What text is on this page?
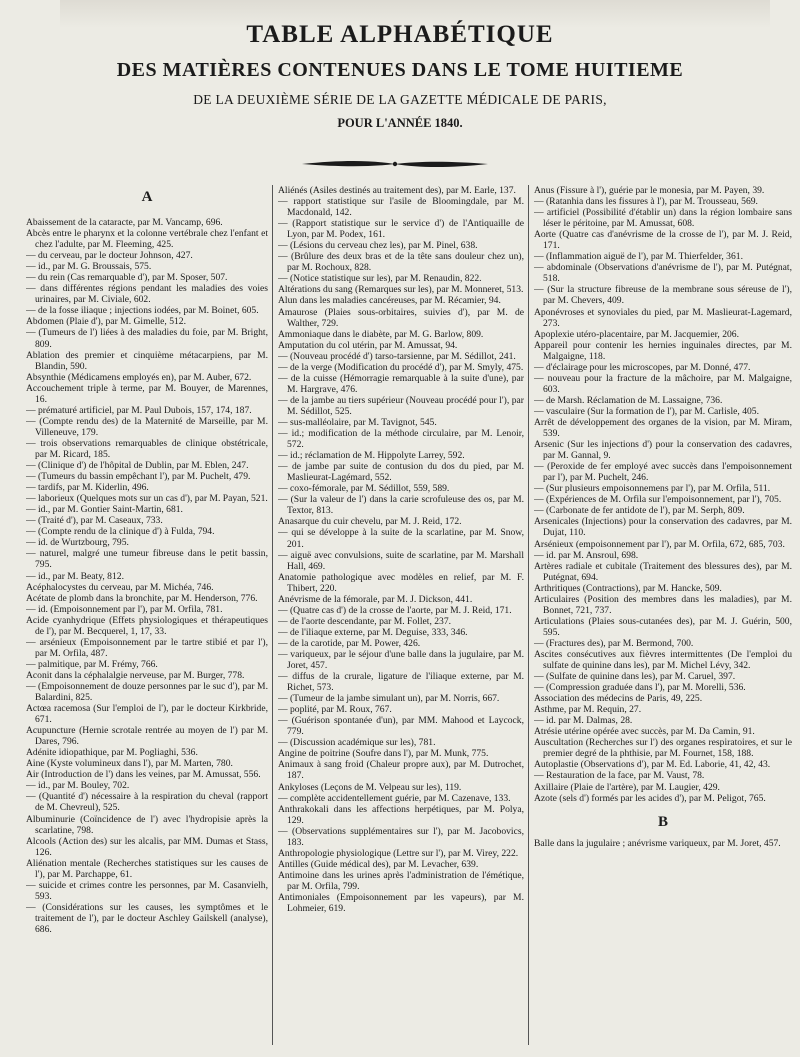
TABLE ALPHABÉTIQUE
DES MATIÈRES CONTENUES DANS LE TOME HUITIEME
DE LA DEUXIÈME SÉRIE DE LA GAZETTE MÉDICALE DE PARIS,
POUR L'ANNÉE 1840.
A

Abaissement de la cataracte, par M. Vancamp, 696.

Abcès entre le pharynx et la colonne vertébrale chez l'enfant et chez l'adulte, par M. Fleeming, 425.

— du cerveau, par le docteur Johnson, 427.

— id., par M. G. Broussais, 575.

— du rein (Cas remarquable d'), par M. Sposer, 507.

— dans différentes régions pendant les maladies des voies urinaires, par M. Civiale, 602.

— de la fosse iliaque ; injections iodées, par M. Boinet, 605.

Abdomen (Plaie d'), par M. Gimelle, 512.

— (Tumeurs de l') liées à des maladies du foie, par M. Bright, 809.

Ablation des premier et cinquième métacarpiens, par M. Blandin, 590.

Absynthie (Médicamens employés en), par M. Auber, 672.

Accouchement triple à terme, par M. Bouyer, de Marennes, 16.

— prématuré artificiel, par M. Paul Dubois, 157, 174, 187.

— (Compte rendu des) de la Maternité de Marseille, par M. Villeneuve, 179.

— trois observations remarquables de clinique obstétricale, par M. Ricard, 185.

— (Clinique d') de l'hôpital de Dublin, par M. Eblen, 247.

— (Tumeurs du bassin empêchant l'), par M. Puchelt, 479.

— tardifs, par M. Kiderlin, 496.

— laborieux (Quelques mots sur un cas d'), par M. Payan, 521.

— id., par M. Gontier Saint-Martin, 681.

— (Traité d'), par M. Caseaux, 733.

— (Compte rendu de la clinique d') à Fulda, 794.

— id. de Wurtzbourg, 795.

— naturel, malgré une tumeur fibreuse dans le petit bassin, 795.

— id., par M. Beaty, 812.

Acéphalocystes du cerveau, par M. Michéa, 746.

Acétate de plomb dans la bronchite, par M. Henderson, 776.

— id. (Empoisonnement par l'), par M. Orfila, 781.

Acide cyanhydrique (Effets physiologiques et thérapeutiques de l'), par M. Becquerel, 1, 17, 33.

— arsénieux (Empoisonnement par le tartre stibié et par l'), par M. Orfila, 487.

— palmitique, par M. Frémy, 766.

Aconit dans la céphalalgie nerveuse, par M. Burger, 778.

— (Empoisonnement de douze personnes par le suc d'), par M. Balardini, 825.

Actœa racemosa (Sur l'emploi de l'), par le docteur Kirkbride, 671.

Acupuncture (Hernie scrotale rentrée au moyen de l') par M. Dares, 796.

Adénite idiopathique, par M. Pogliaghi, 536.

Aine (Kyste volumineux dans l'), par M. Marten, 780.

Air (Introduction de l') dans les veines, par M. Amussat, 556.

— id., par M. Bouley, 702.

— (Quantité d') nécessaire à la respiration du cheval (rapport de M. Chevreul), 525.

Albuminurie (Coïncidence de l') avec l'hydropisie après la scarlatine, 798.

Alcools (Action des) sur les alcalis, par MM. Dumas et Stass, 126.

Aliénation mentale (Recherches statistiques sur les causes de l'), par M. Parchappe, 61.

— suicide et crimes contre les personnes, par M. Casanvielh, 593.

— (Considérations sur les causes, les symptômes et le traitement de l'), par le docteur Aschley Gailskell (analyse), 686.

Aliénés (Asiles destinés au traitement des), par M. Earle, 137.

— rapport statistique sur l'asile de Bloomingdale, par M. Macdonald, 142.

— (Rapport statistique sur le service d') de l'Antiquaille de Lyon, par M. Podex, 161.

— (Lésions du cerveau chez les), par M. Pinel, 638.

— (Brûlure des deux bras et de la tête sans douleur chez un), par M. Rochoux, 828.

— (Notice statistique sur les), par M. Renaudin, 822.

Altérations du sang (Remarques sur les), par M. Monneret, 513.

Alun dans les maladies cancéreuses, par M. Récamier, 94.

Amaurose (Plaies sous-orbitaires, suivies d'), par M. de Walther, 729.

Ammoniaque dans le diabète, par M. G. Barlow, 809.

Amputation du col utérin, par M. Amussat, 94.

— (Nouveau procédé d') tarso-tarsienne, par M. Sédillot, 241.

— de la verge (Modification du procédé d'), par M. Smyly, 475.

— de la cuisse (Hémorragie remarquable à la suite d'une), par M. Hargrave, 476.

— de la jambe au tiers supérieur (Nouveau procédé pour l'), par M. Sédillot, 525.

— sus-malléolaire, par M. Tavignot, 545.

— id.; modification de la méthode circulaire, par M. Lenoir, 572.

— id.; réclamation de M. Hippolyte Larrey, 592.

— de jambe par suite de contusion du dos du pied, par M. Maslieurat-Lagémard, 552.

— coxo-fémorale, par M. Sédillot, 559, 589.

— (Sur la valeur de l') dans la carie scrofuleuse des os, par M. Textor, 813.

Anasarque du cuir chevelu, par M. J. Reid, 172.

— qui se développe à la suite de la scarlatine, par M. Snow, 201.

— aiguë avec convulsions, suite de scarlatine, par M. Marshall Hall, 469.

Anatomie pathologique avec modèles en relief, par M. F. Thibert, 220.

Anévrisme de la fémorale, par M. J. Dickson, 441.

— (Quatre cas d') de la crosse de l'aorte, par M. J. Reid, 171.

— de l'aorte descendante, par M. Follet, 237.

— de l'iliaque externe, par M. Deguise, 333, 346.

— de la carotide, par M. Power, 426.

— variqueux, par le séjour d'une balle dans la jugulaire, par M. Joret, 457.

— diffus de la crurale, ligature de l'iliaque externe, par M. Richet, 573.

— (Tumeur de la jambe simulant un), par M. Norris, 667.

— poplité, par M. Roux, 767.

— (Guérison spontanée d'un), par MM. Mahood et Laycock, 779.

— (Discussion académique sur les), 781.

Angine de poitrine (Soufre dans l'), par M. Munk, 775.

Animaux à sang froid (Chaleur propre aux), par M. Dutrochet, 187.

Ankyloses (Leçons de M. Velpeau sur les), 119.

— complète accidentellement guérie, par M. Cazenave, 133.

Anthrakokali dans les affections herpétiques, par M. Polya, 129.

— (Observations supplémentaires sur l'), par M. Jacobovics, 183.

Anthropologie physiologique (Lettre sur l'), par M. Virey, 222.

Antilles (Guide médical des), par M. Levacher, 639.

Antimoine dans les urines après l'administration de l'émétique, par M. Orfila, 799.

Antimoniales (Empoisonnement par les vapeurs), par M. Lohmeier, 619.

Anus (Fissure à l'), guérie par le monesia, par M. Payen, 39.

— (Ratanhia dans les fissures à l'), par M. Trousseau, 569.

— artificiel (Possibilité d'établir un) dans la région lombaire sans léser le péritoine, par M. Amussat, 608.

Aorte (Quatre cas d'anévrisme de la crosse de l'), par M. J. Reid, 171.

— (Inflammation aiguë de l'), par M. Thierfelder, 361.

— abdominale (Observations d'anévrisme de l'), par M. Putégnat, 518.

— (Sur la structure fibreuse de la membrane sous séreuse de l'), par M. Chevers, 409.

Aponévroses et synoviales du pied, par M. Maslieurat-Lagemard, 273.

Apoplexie utéro-placentaire, par M. Jacquemier, 206.

Appareil pour contenir les hernies inguinales directes, par M. Malgaigne, 118.

— d'éclairage pour les microscopes, par M. Donné, 477.

— nouveau pour la fracture de la mâchoire, par M. Malgaigne, 603.

— de Marsh. Réclamation de M. Lassaigne, 736.

— vasculaire (Sur la formation de l'), par M. Carlisle, 405.

Arrêt de développement des organes de la vision, par M. Miram, 539.

Arsenic (Sur les injections d') pour la conservation des cadavres, par M. Gannal, 9.

— (Peroxide de fer employé avec succès dans l'empoisonnement par l'), par M. Puchelt, 246.

— (Sur plusieurs empoisonnemens par l'), par M. Orfila, 511.

— (Expériences de M. Orfila sur l'empoisonnement, par l'), 705.

— (Carbonate de fer antidote de l'), par M. Serph, 809.

Arsenicales (Injections) pour la conservation des cadavres, par M. Dujat, 110.

Arsénieux (empoisonnement par l'), par M. Orfila, 672, 685, 703.

— id. par M. Ansroul, 698.

Artères radiale et cubitale (Traitement des blessures des), par M. Putégnat, 694.

Arthritiques (Contractions), par M. Hancke, 509.

Articulaires (Position des membres dans les maladies), par M. Bonnet, 721, 737.

Articulations (Plaies sous-cutanées des), par M. J. Guérin, 500, 595.

— (Fractures des), par M. Bermond, 700.

Ascites consécutives aux fièvres intermittentes (De l'emploi du sulfate de quinine dans les), par M. Michel Lévy, 342.

— (Sulfate de quinine dans les), par M. Caruel, 397.

— (Compression graduée dans l'), par M. Morelli, 536.

Association des médecins de Paris, 49, 225.

Asthme, par M. Requin, 27.

— id. par M. Dalmas, 28.

Atrésie utérine opérée avec succès, par M. Da Camin, 91.

Auscultation (Recherches sur l') des organes respiratoires, et sur le premier degré de la phthisie, par M. Fournet, 158, 188.

Autoplastie (Observations d'), par M. Ed. Laborie, 41, 42, 43.

— Restauration de la face, par M. Vaust, 78.

Axillaire (Plaie de l'artère), par M. Laugier, 429.

Azote (sels d') formés par les acides d'), par M. Peligot, 765.

B

Balle dans la jugulaire ; anévrisme variqueux, par M. Joret, 457.
